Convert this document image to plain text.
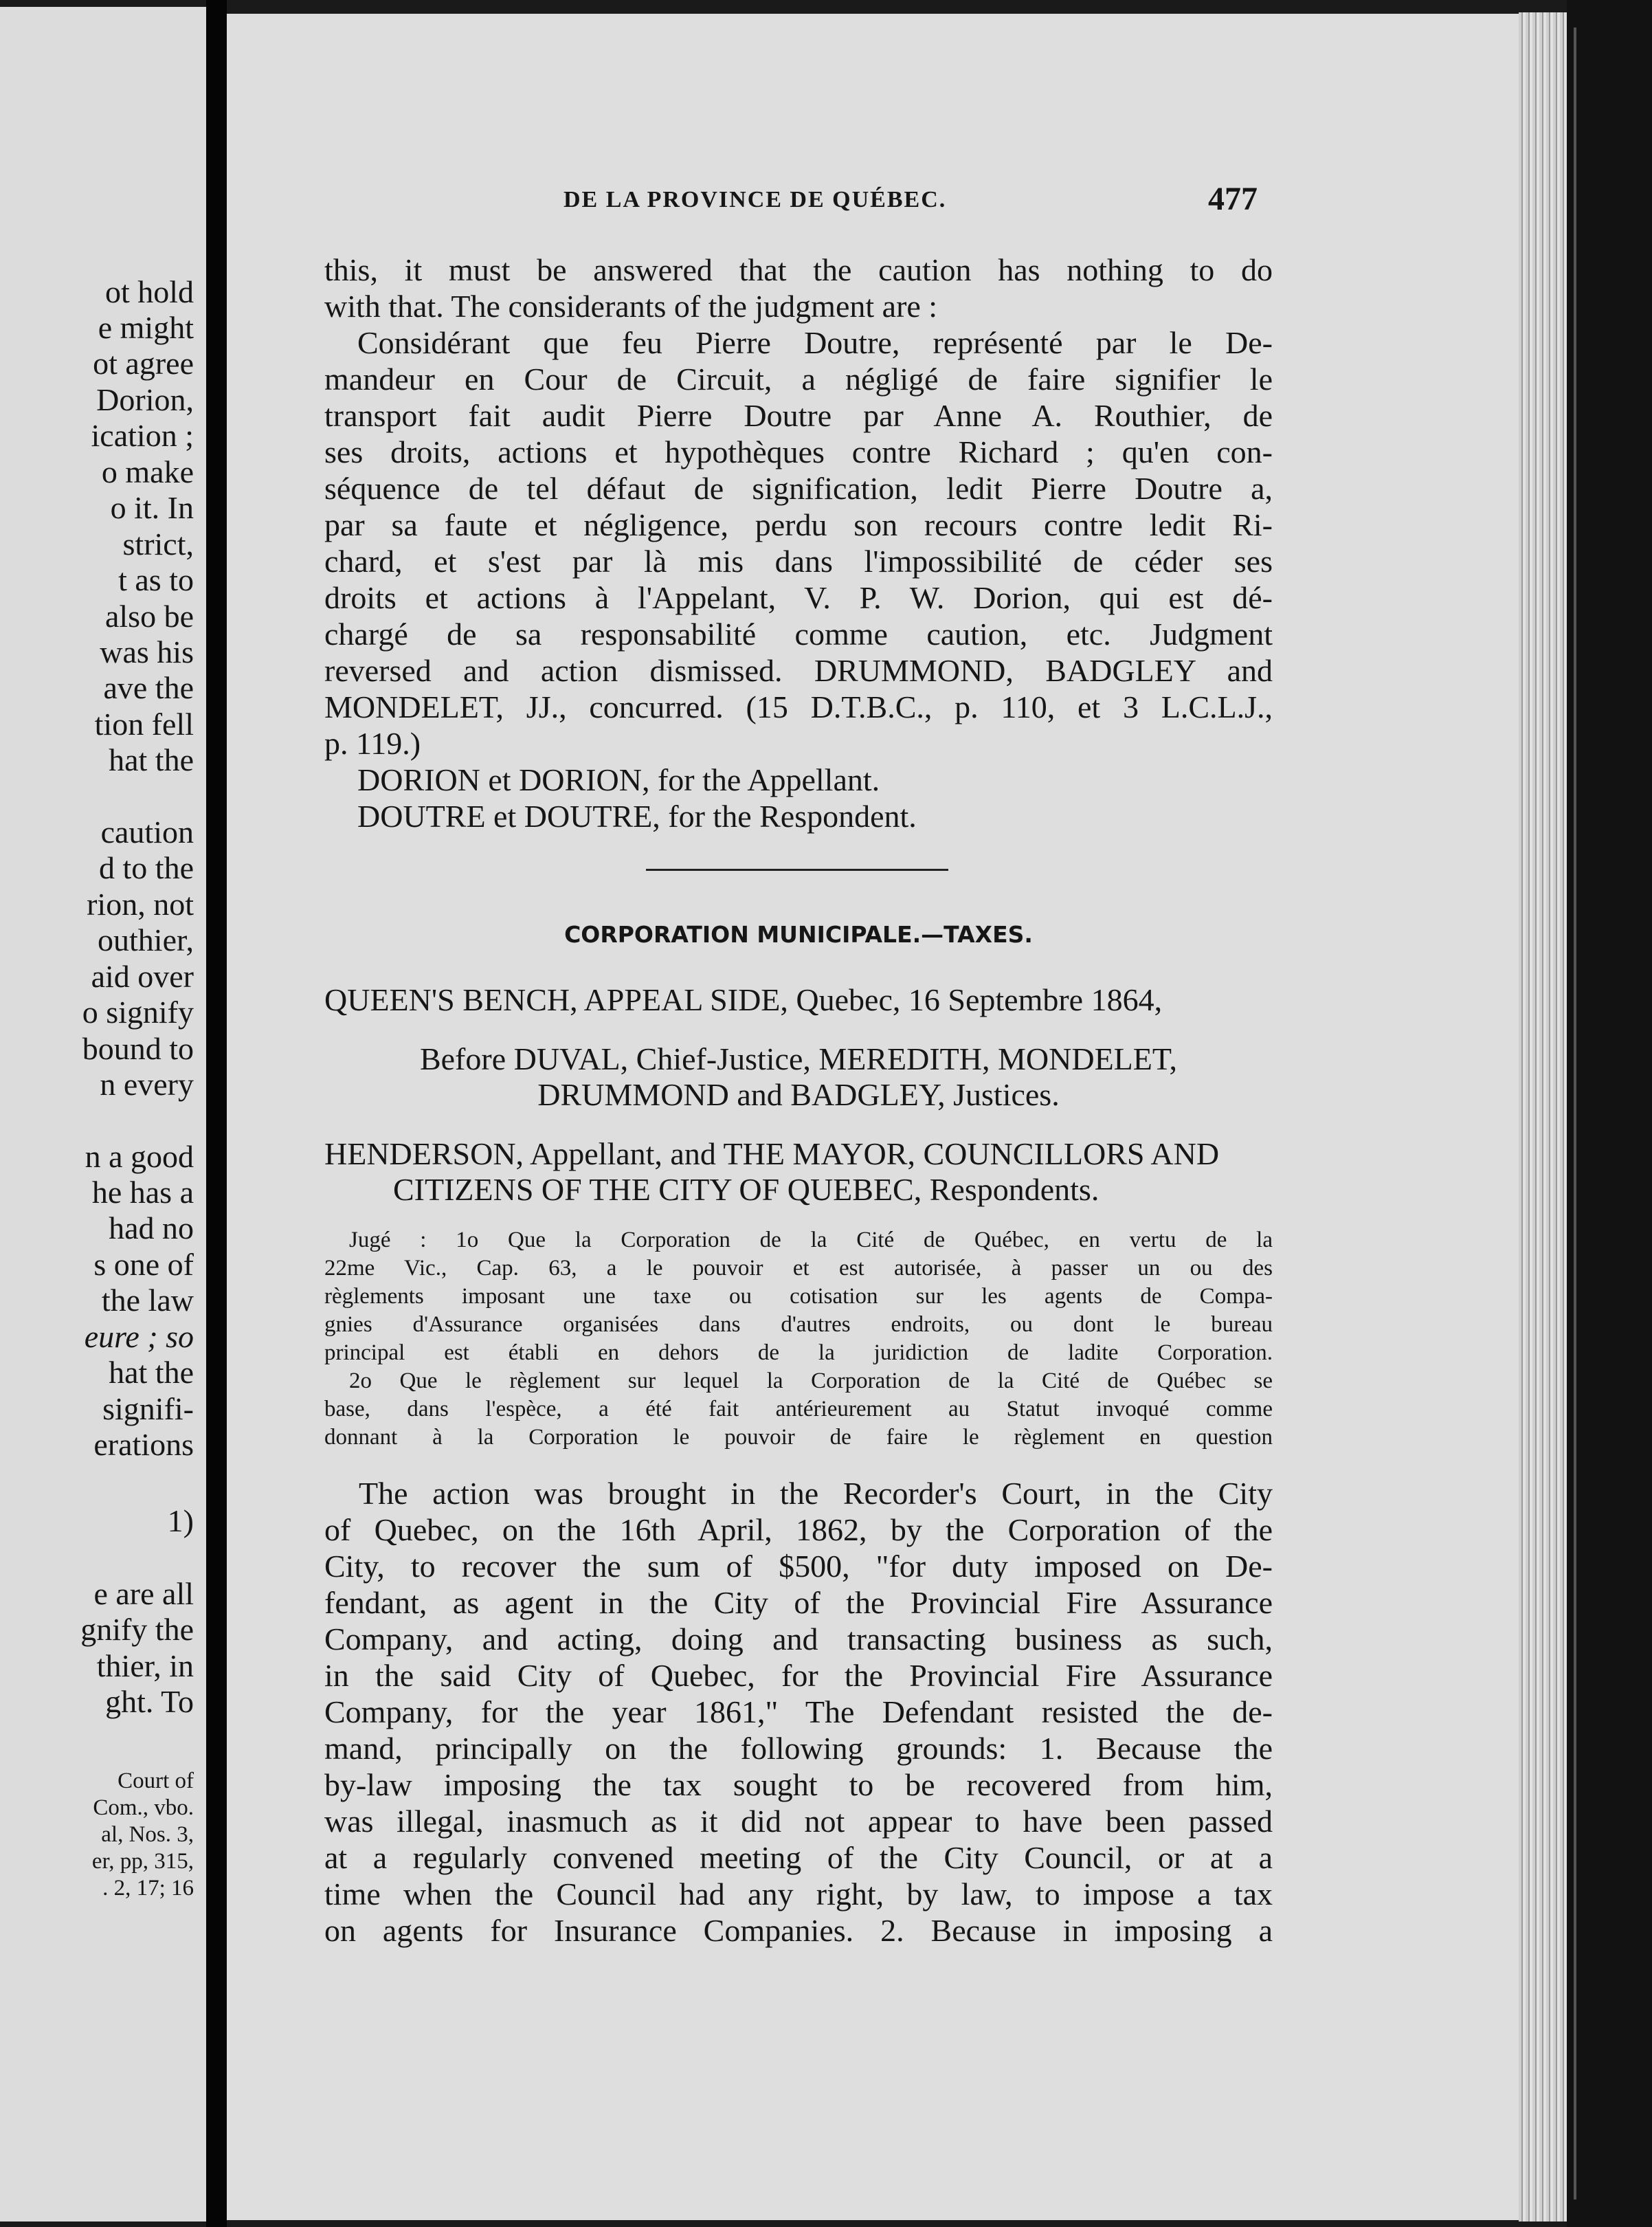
ot hold
e might
ot agree
Dorion,
ication ;
o make
o it. In
strict,
t as to
also be
was his
ave the
tion fell
hat the
caution
d to the
rion, not
outhier,
aid over
o signify
bound to
n every
n a good
he has a
had no
s one of
the law
eure ; so
hat the
signifi-
erations
1)
e are all
gnify the
thier, in
ght. To
Court of
Com., vbo.
al, Nos. 3,
er, pp, 315,
. 2, 17; 16
DE LA PROVINCE DE QUÉBEC.	477
this, it must be answered that the caution has nothing to do
with that. The considerants of the judgment are :
Considérant que feu Pierre Doutre, représenté par le De-
mandeur en Cour de Circuit, a négligé de faire signifier le
transport fait audit Pierre Doutre par Anne A. Routhier, de
ses droits, actions et hypothèques contre Richard ; qu'en con-
séquence de tel défaut de signification, ledit Pierre Doutre a,
par sa faute et négligence, perdu son recours contre ledit Ri-
chard, et s'est par là mis dans l'impossibilité de céder ses
droits et actions à l'Appelant, V. P. W. Dorion, qui est dé-
chargé de sa responsabilité comme caution, etc. Judgment
reversed and action dismissed. DRUMMOND, BADGLEY and
MONDELET, JJ., concurred. (15 D.T.B.C., p. 110, et 3 L.C.L.J.,
p. 119.)
DORION et DORION, for the Appellant.
DOUTRE et DOUTRE, for the Respondent.
CORPORATION MUNICIPALE.—TAXES.
QUEEN'S BENCH, APPEAL SIDE, Quebec, 16 Septembre 1864,
Before DUVAL, Chief-Justice, MEREDITH, MONDELET,
DRUMMOND and BADGLEY, Justices.
HENDERSON, Appellant, and THE MAYOR, COUNCILLORS AND
CITIZENS OF THE CITY OF QUEBEC, Respondents.
Jugé : 1o Que la Corporation de la Cité de Québec, en vertu de la
22me Vic., Cap. 63, a le pouvoir et est autorisée, à passer un ou des
règlements imposant une taxe ou cotisation sur les agents de Compa-
gnies d'Assurance organisées dans d'autres endroits, ou dont le bureau
principal est établi en dehors de la juridiction de ladite Corporation.
2o Que le règlement sur lequel la Corporation de la Cité de Québec se
base, dans l'espèce, a été fait antérieurement au Statut invoqué comme
donnant à la Corporation le pouvoir de faire le règlement en question
The action was brought in the Recorder's Court, in the City
of Quebec, on the 16th April, 1862, by the Corporation of the
City, to recover the sum of $500, "for duty imposed on De-
fendant, as agent in the City of the Provincial Fire Assurance
Company, and acting, doing and transacting business as such,
in the said City of Quebec, for the Provincial Fire Assurance
Company, for the year 1861," The Defendant resisted the de-
mand, principally on the following grounds: 1. Because the
by-law imposing the tax sought to be recovered from him,
was illegal, inasmuch as it did not appear to have been passed
at a regularly convened meeting of the City Council, or at a
time when the Council had any right, by law, to impose a tax
on agents for Insurance Companies. 2. Because in imposing a
